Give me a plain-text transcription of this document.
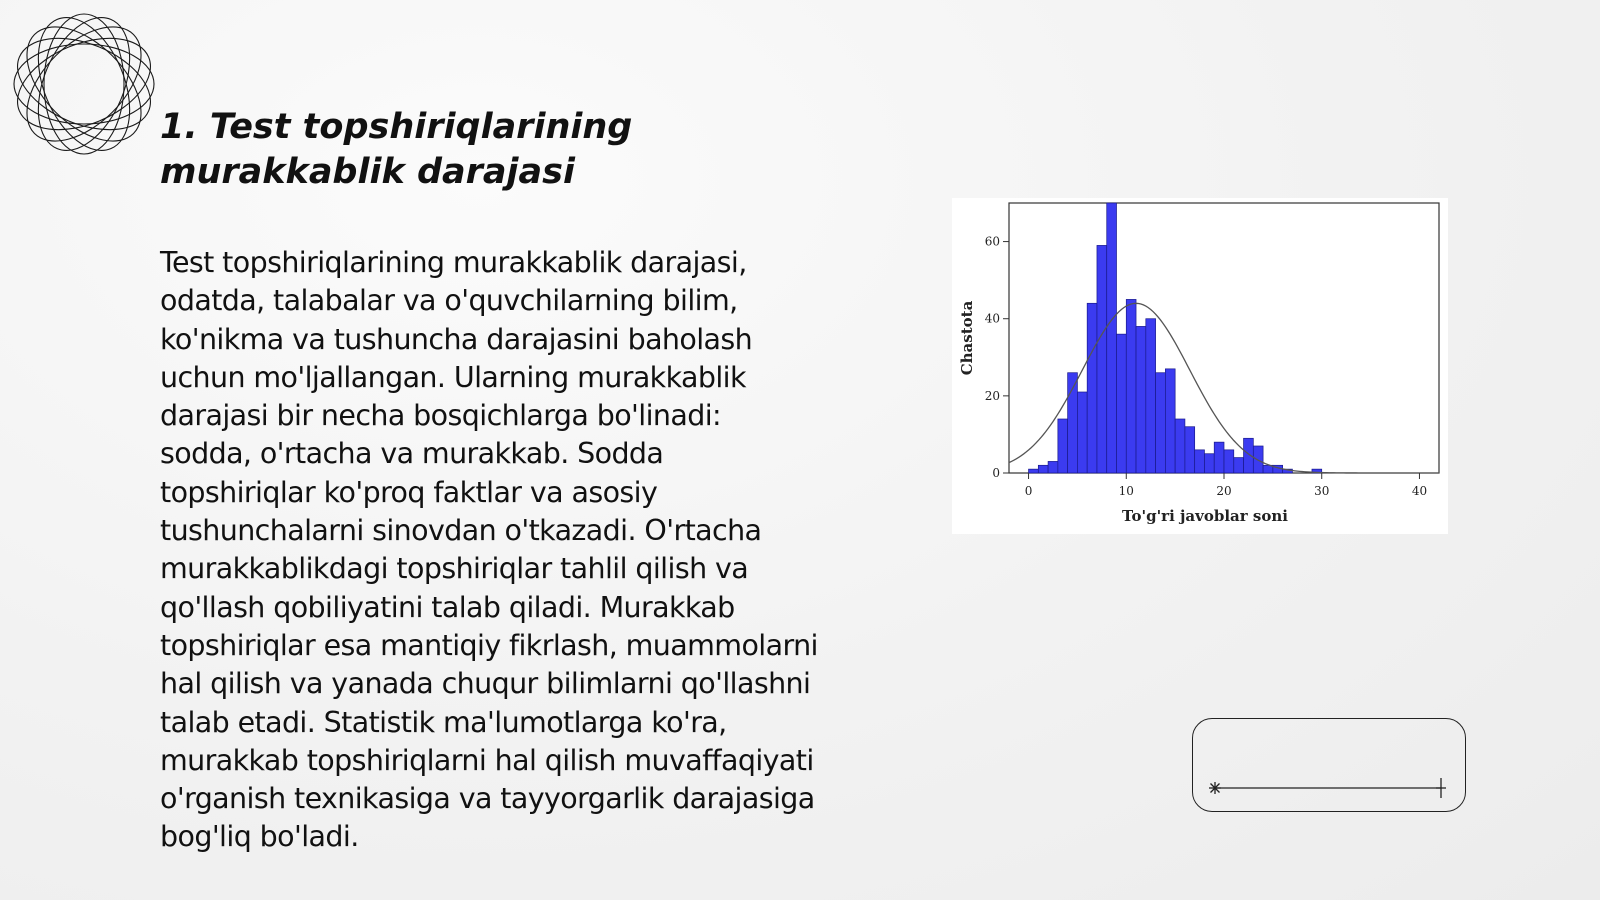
1. Test topshiriqlarining murakkablik darajasi

Test topshiriqlarining murakkablik darajasi, odatda, talabalar va o'quvchilarning bilim, ko'nikma va tushuncha darajasini baholash uchun mo'ljallangan. Ularning murakkablik darajasi bir necha bosqichlarga bo'linadi: sodda, o'rtacha va murakkab. Sodda topshiriqlar ko'proq faktlar va asosiy tushunchalarni sinovdan o'tkazadi. O'rtacha murakkablikdagi topshiriqlar tahlil qilish va qo'llash qobiliyatini talab qiladi. Murakkab topshiriqlar esa mantiqiy fikrlash, muammolarni hal qilish va yanada chuqur bilimlarni qo'llashni talab etadi. Statistik ma'lumotlarga ko'ra, murakkab topshiriqlarni hal qilish muvaffaqiyati o'rganish texnikasiga va tayyorgarlik darajasiga bog'liq bo'ladi.

0	10	20	30	40
0
20
40
60
To'g'ri javoblar soni
Chastota
